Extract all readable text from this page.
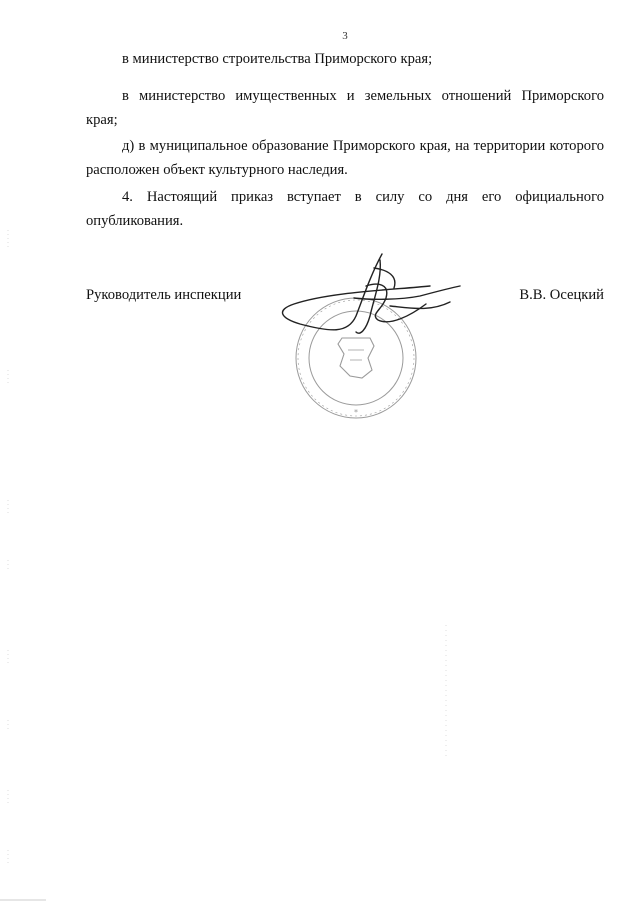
3
в министерство строительства Приморского края;
в министерство имущественных и земельных отношений Приморского
края;
д) в муниципальное образование Приморского края, на территории которого расположен объект культурного наследия.
4. Настоящий приказ вступает в силу со дня его официального опубликования.
Руководитель инспекции	В.В. Осецкий
*
